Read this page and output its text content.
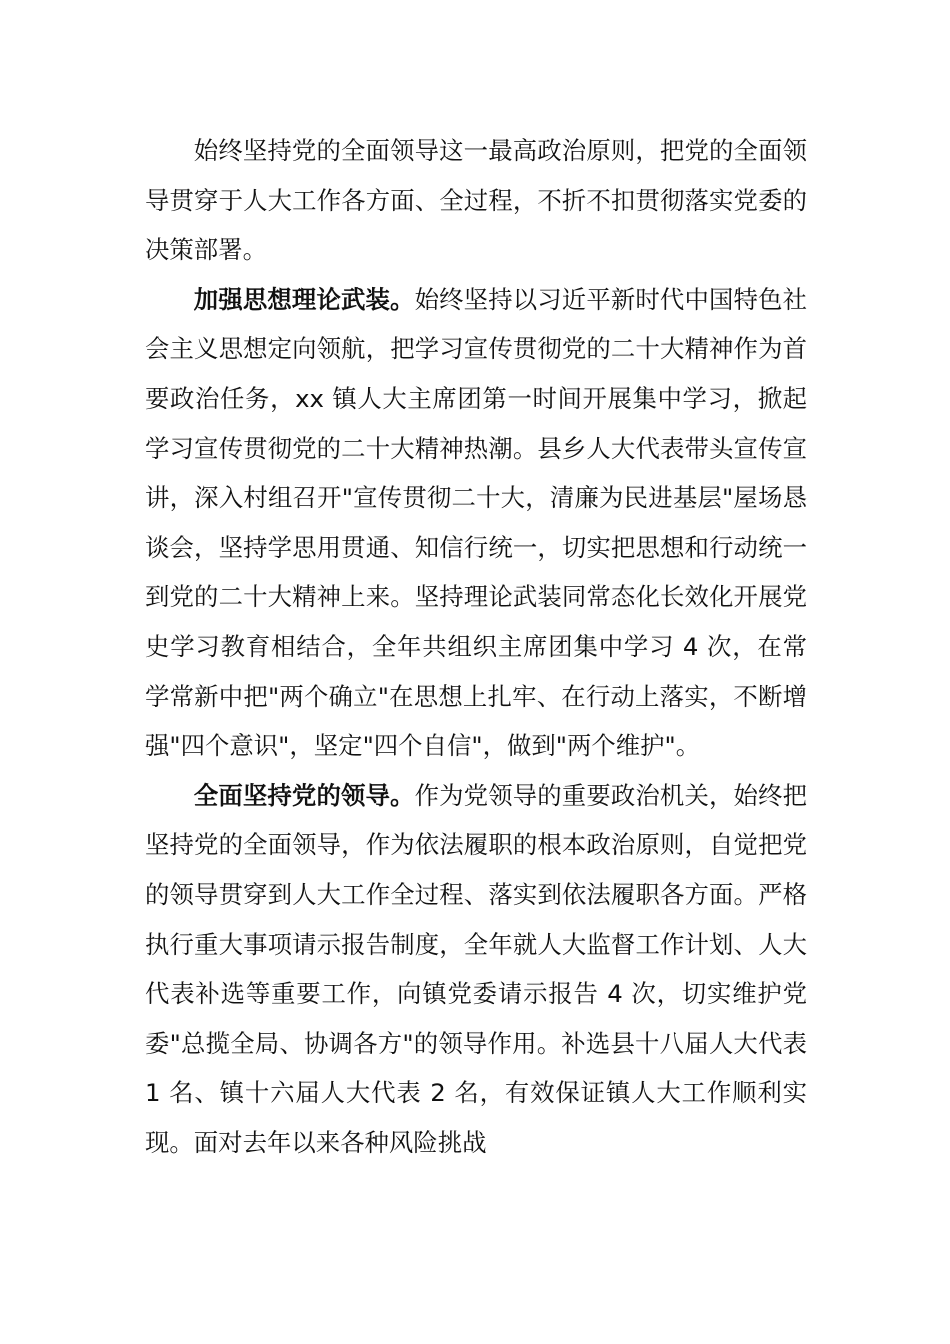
始终坚持党的全面领导这一最高政治原则，把党的全面领导贯穿于人大工作各方面、全过程，不折不扣贯彻落实党委的决策部署。

加强思想理论武装。始终坚持以习近平新时代中国特色社会主义思想定向领航，把学习宣传贯彻党的二十大精神作为首要政治任务，xx 镇人大主席团第一时间开展集中学习，掀起学习宣传贯彻党的二十大精神热潮。县乡人大代表带头宣传宣讲，深入村组召开"宣传贯彻二十大，清廉为民进基层"屋场恳谈会，坚持学思用贯通、知信行统一，切实把思想和行动统一到党的二十大精神上来。坚持理论武装同常态化长效化开展党史学习教育相结合，全年共组织主席团集中学习 4 次，在常学常新中把"两个确立"在思想上扎牢、在行动上落实，不断增强"四个意识"，坚定"四个自信"，做到"两个维护"。

全面坚持党的领导。作为党领导的重要政治机关，始终把坚持党的全面领导，作为依法履职的根本政治原则，自觉把党的领导贯穿到人大工作全过程、落实到依法履职各方面。严格执行重大事项请示报告制度，全年就人大监督工作计划、人大代表补选等重要工作，向镇党委请示报告 4 次，切实维护党委"总揽全局、协调各方"的领导作用。补选县十八届人大代表 1 名、镇十六届人大代表 2 名，有效保证镇人大工作顺利实现。面对去年以来各种风险挑战
